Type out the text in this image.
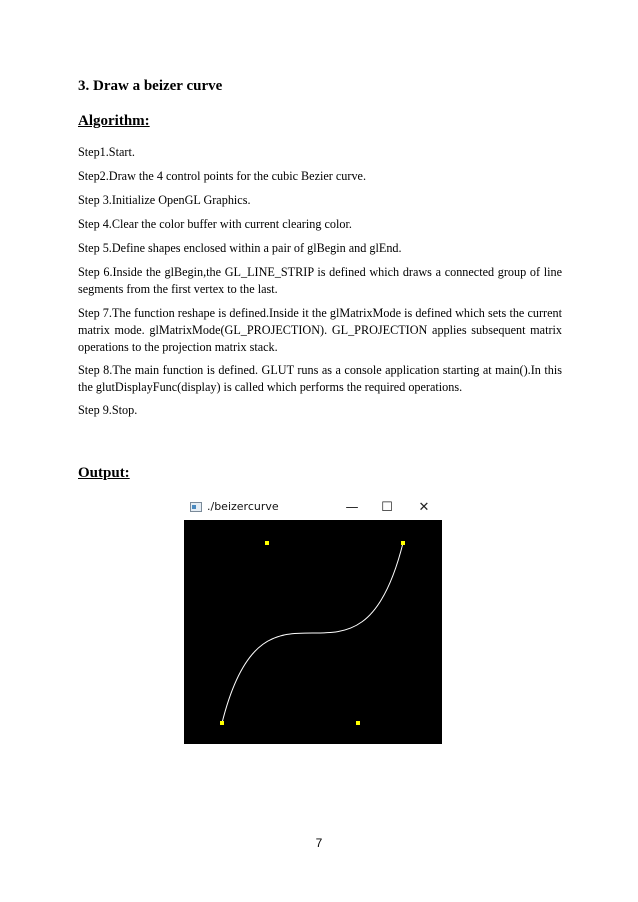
3. Draw a beizer curve
Algorithm:

Step1.Start.

Step2.Draw the 4 control points for the cubic Bezier curve.

Step 3.Initialize OpenGL Graphics.

Step 4.Clear the color buffer with current clearing color.

Step 5.Define shapes enclosed within a pair of glBegin and glEnd.

Step 6.Inside the glBegin,the GL_LINE_STRIP is defined which draws a connected group of line segments from the first vertex to the last.

Step 7.The function reshape is defined.Inside it the glMatrixMode is defined which sets the current matrix mode. glMatrixMode(GL_PROJECTION). GL_PROJECTION applies subsequent matrix operations to the projection matrix stack.

Step 8.The main function is defined. GLUT runs as a console application starting at main().In this the glutDisplayFunc(display) is called which performs the required operations.

Step 9.Stop.

Output:
./beizercurve	—	☐	✕

7
